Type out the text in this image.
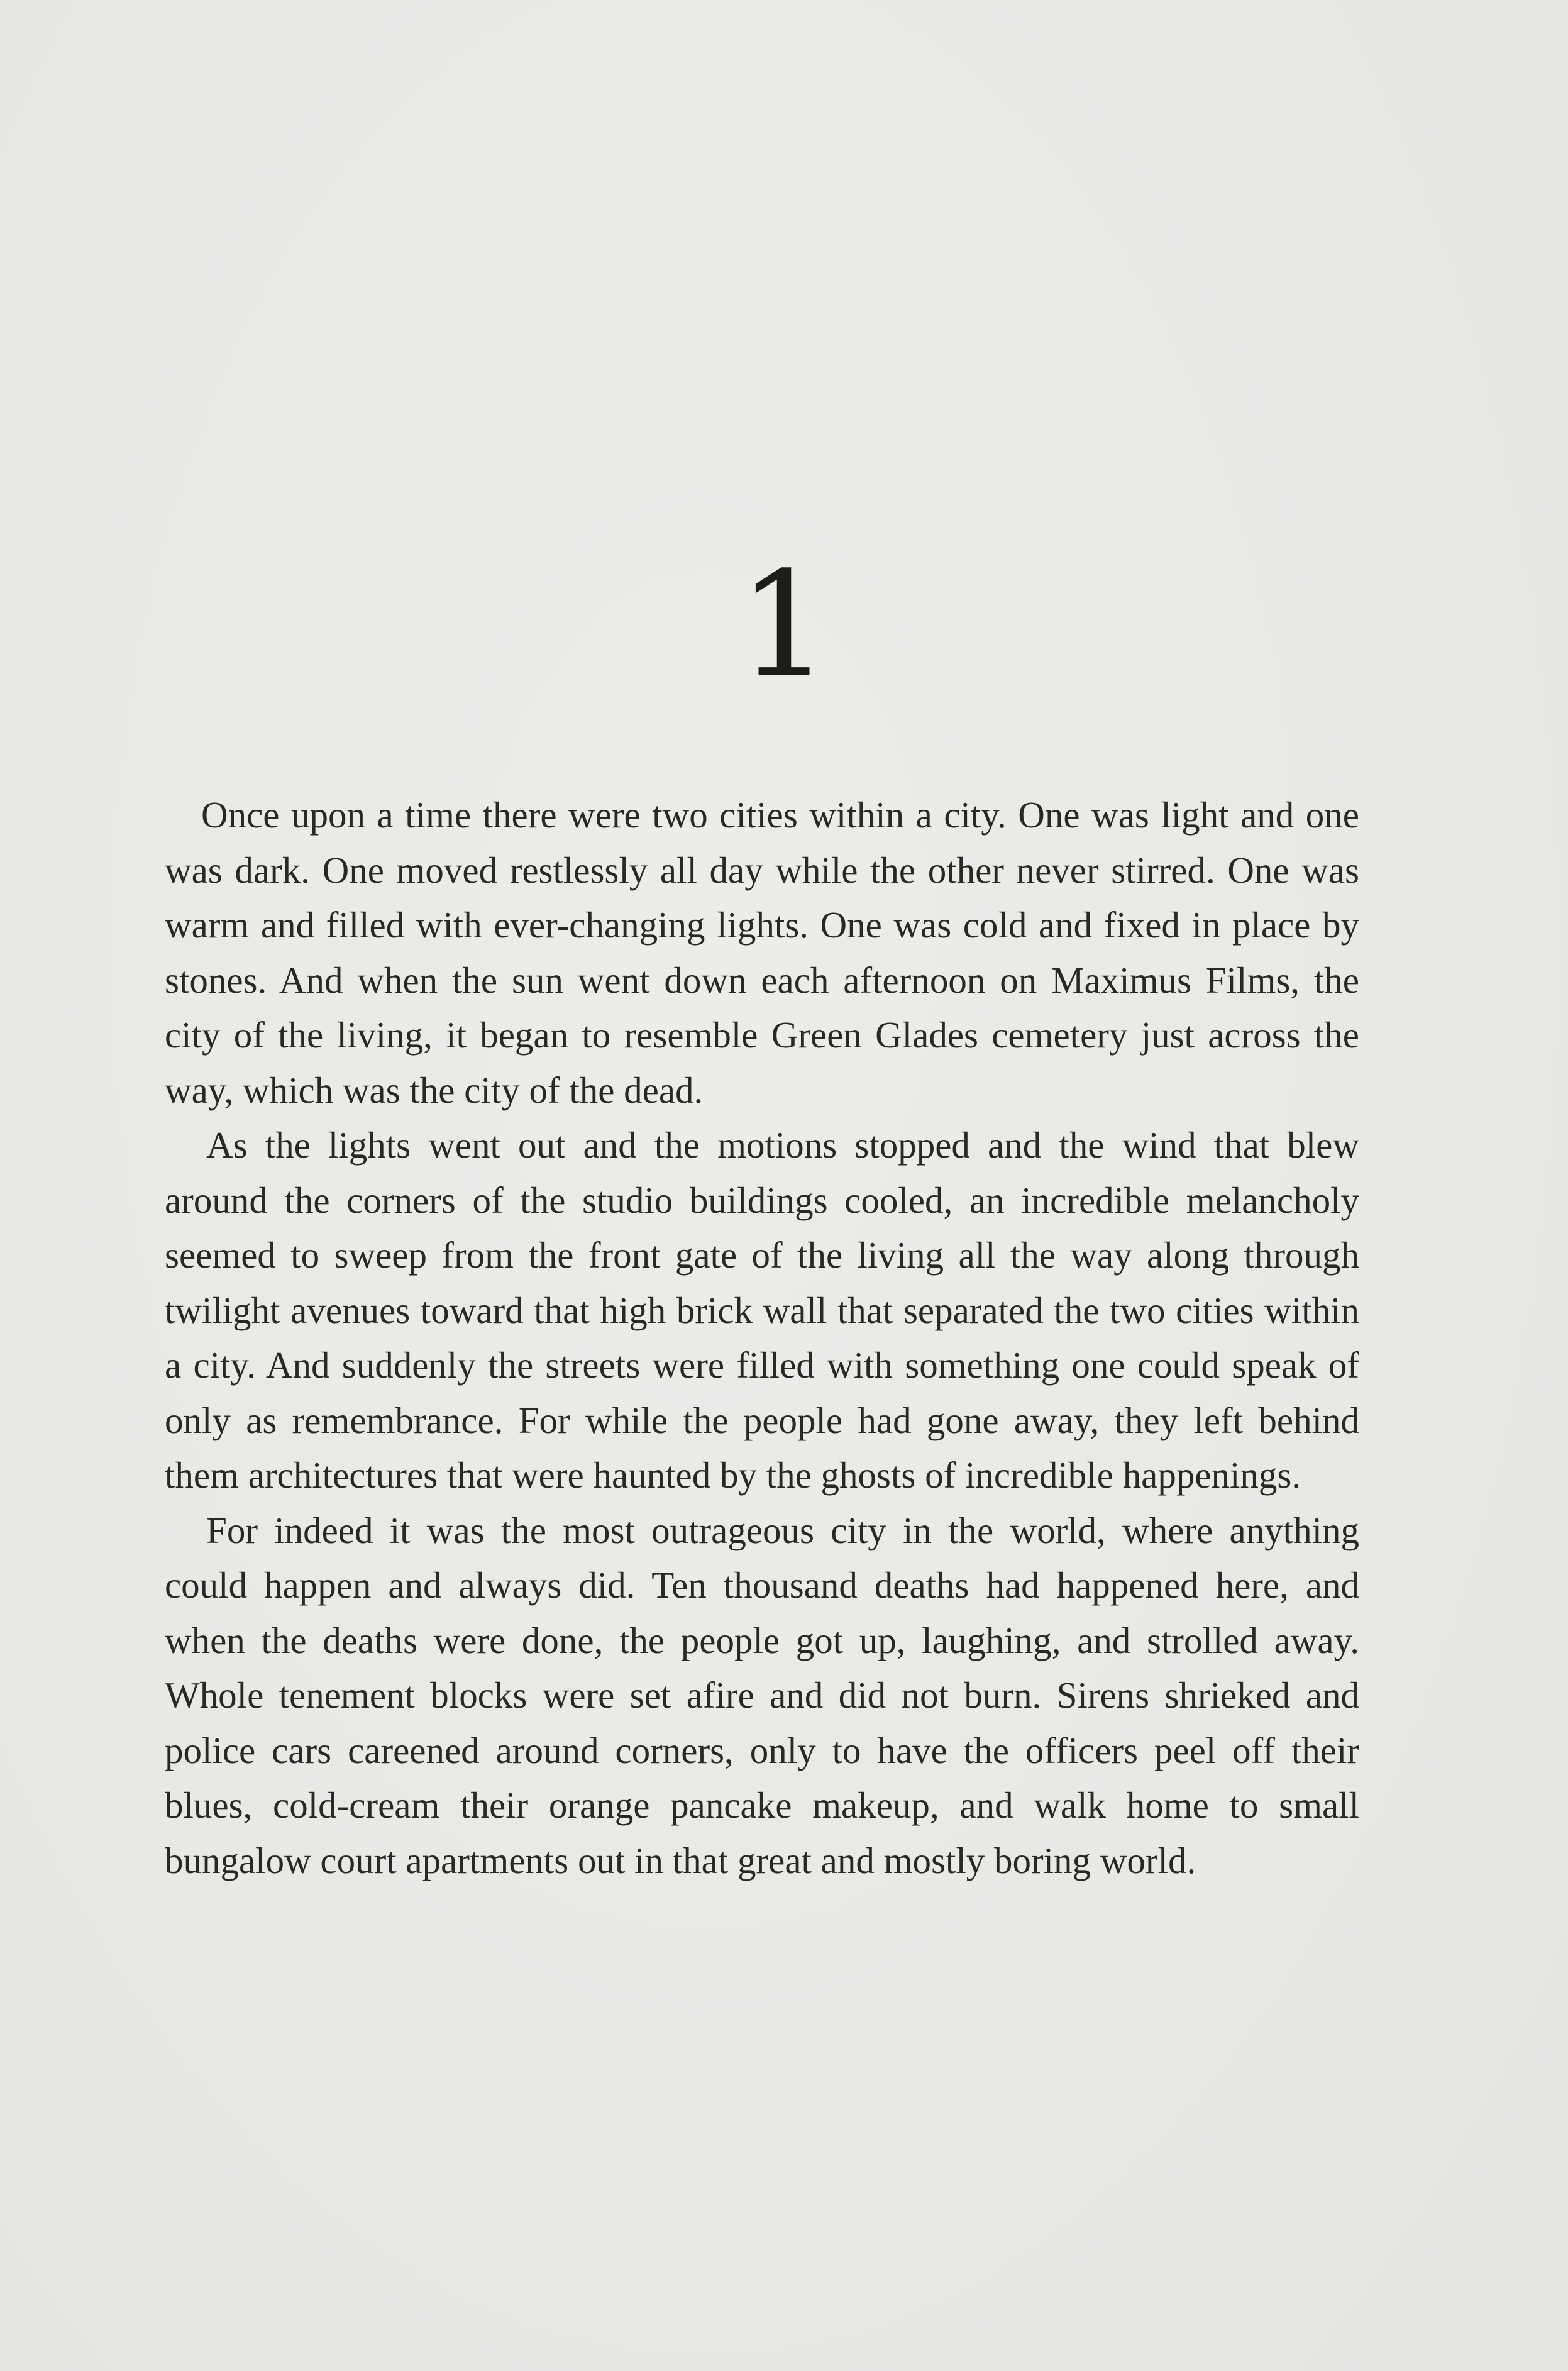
1

Once upon a time there were two cities within a city. One was light and one was dark. One moved restlessly all day while the other never stirred. One was warm and filled with ever-changing lights. One was cold and fixed in place by stones. And when the sun went down each afternoon on Maximus Films, the city of the living, it began to resemble Green Glades cemetery just across the way, which was the city of the dead.

As the lights went out and the motions stopped and the wind that blew around the corners of the studio buildings cooled, an incredible melancholy seemed to sweep from the front gate of the living all the way along through twilight avenues toward that high brick wall that separated the two cities within a city. And suddenly the streets were filled with something one could speak of only as remembrance. For while the people had gone away, they left behind them architectures that were haunted by the ghosts of incredible happenings.

For indeed it was the most outrageous city in the world, where anything could happen and always did. Ten thousand deaths had happened here, and when the deaths were done, the people got up, laughing, and strolled away. Whole tenement blocks were set afire and did not burn. Sirens shrieked and police cars careened around corners, only to have the officers peel off their blues, cold-cream their orange pancake makeup, and walk home to small bungalow court apartments out in that great and mostly boring world.
